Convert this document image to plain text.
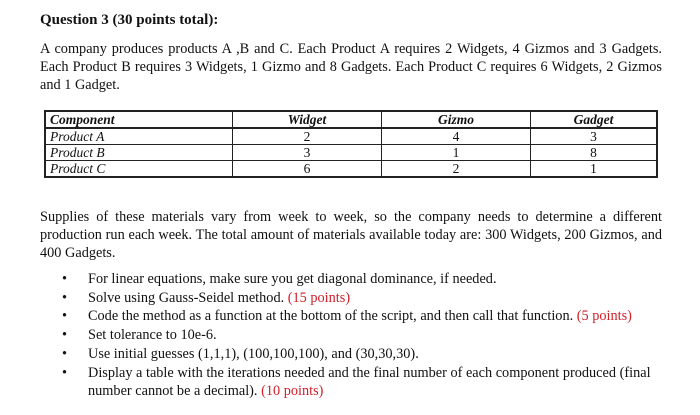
Question 3 (30 points total):
A company produces products A ,B and C. Each Product A requires 2 Widgets, 4 Gizmos and 3 Gadgets. Each Product B requires 3 Widgets, 1 Gizmo and 8 Gadgets. Each Product C requires 6 Widgets, 2 Gizmos and 1 Gadget.
Component	Widget	Gizmo	Gadget
Product A	2	4	3
Product B	3	1	8
Product C	6	2	1
Supplies of these materials vary from week to week, so the company needs to determine a different production run each week. The total amount of materials available today are: 300 Widgets, 200 Gizmos, and 400 Gadgets.
• For linear equations, make sure you get diagonal dominance, if needed.
• Solve using Gauss-Seidel method. (15 points)
• Code the method as a function at the bottom of the script, and then call that function. (5 points)
• Set tolerance to 10e-6.
• Use initial guesses (1,1,1), (100,100,100), and (30,30,30).
• Display a table with the iterations needed and the final number of each component produced (final number cannot be a decimal). (10 points)
